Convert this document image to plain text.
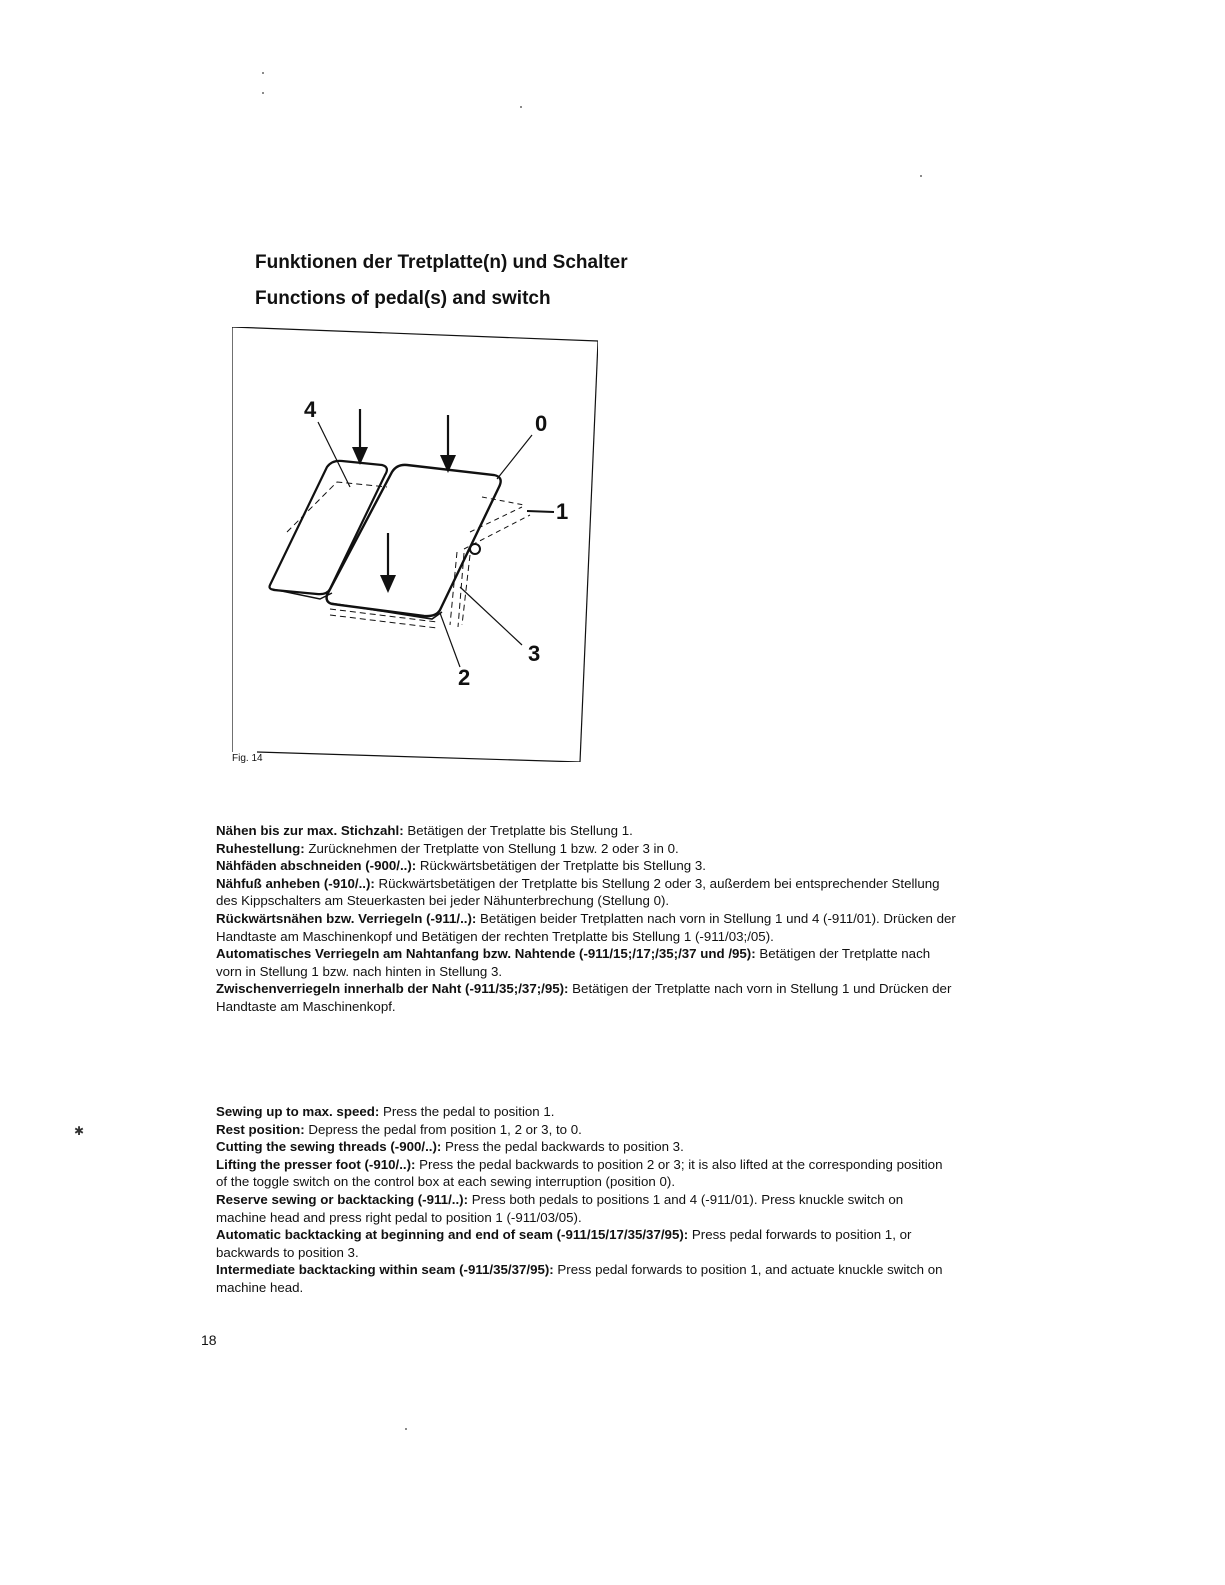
✱
Funktionen der Tretplatte(n) und Schalter
Functions of pedal(s) and switch
4
0
1
3
2
Fig. 14

Nähen bis zur max. Stichzahl: Betätigen der Tretplatte bis Stellung 1.

Ruhestellung: Zurücknehmen der Tretplatte von Stellung 1 bzw. 2 oder 3 in 0.

Nähfäden abschneiden (-900/..): Rückwärtsbetätigen der Tretplatte bis Stellung 3.

Nähfuß anheben (-910/..): Rückwärtsbetätigen der Tretplatte bis Stellung 2 oder 3, außerdem bei entsprechender Stellung des Kippschalters am Steuerkasten bei jeder Nähunterbrechung (Stellung 0).

Rückwärtsnähen bzw. Verriegeln (-911/..): Betätigen beider Tretplatten nach vorn in Stellung 1 und 4 (-911/01). Drücken der Handtaste am Maschinenkopf und Betätigen der rechten Tretplatte bis Stellung 1 (-911/03;/05).

Automatisches Verriegeln am Nahtanfang bzw. Nahtende (-911/15;/17;/35;/37 und /95): Betätigen der Tretplatte nach vorn in Stellung 1 bzw. nach hinten in Stellung 3.

Zwischenverriegeln innerhalb der Naht (-911/35;/37;/95): Betätigen der Tretplatte nach vorn in Stellung 1 und Drücken der Handtaste am Maschinenkopf.

Sewing up to max. speed: Press the pedal to position 1.

Rest position: Depress the pedal from position 1, 2 or 3, to 0.

Cutting the sewing threads (-900/..): Press the pedal backwards to position 3.

Lifting the presser foot (-910/..): Press the pedal backwards to position 2 or 3; it is also lifted at the corresponding position of the toggle switch on the control box at each sewing interruption (position 0).

Reserve sewing or backtacking (-911/..): Press both pedals to positions 1 and 4 (-911/01). Press knuckle switch on machine head and press right pedal to position 1 (-911/03/05).

Automatic backtacking at beginning and end of seam (-911/15/17/35/37/95): Press pedal forwards to position 1, or backwards to position 3.

Intermediate backtacking within seam (-911/35/37/95): Press pedal forwards to position 1, and actuate knuckle switch on machine head.

18
